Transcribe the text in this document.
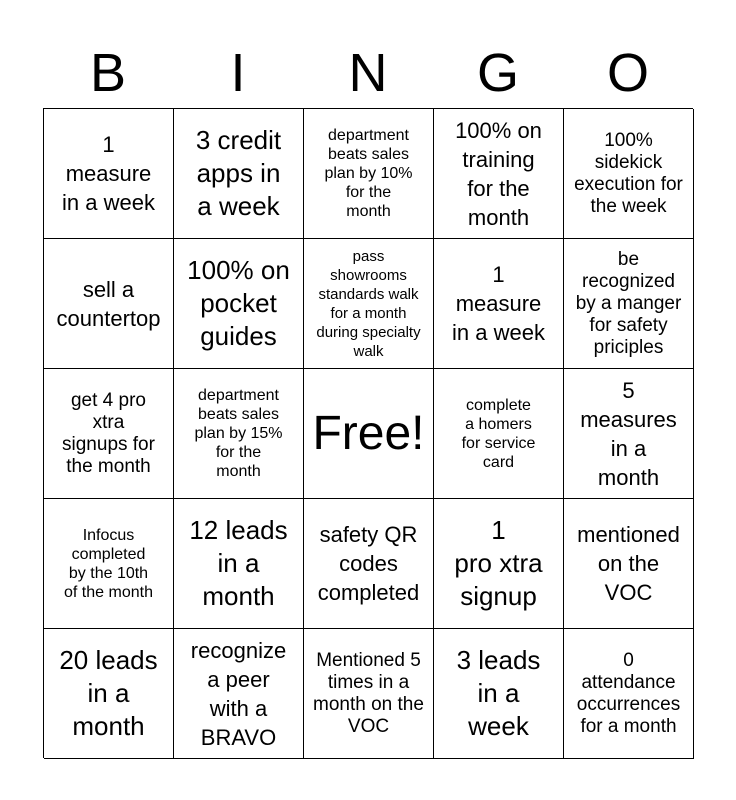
B	I	N	G	O
1
measure
in a week
3 credit
apps in
a week
department
beats sales
plan by 10%
for the
month
100% on
training
for the
month
100%
sidekick
execution for
the week
sell a
countertop
100% on
pocket
guides
pass
showrooms
standards walk
for a month
during specialty
walk
1
measure
in a week
be
recognized
by a manger
for safety
priciples
get 4 pro
xtra
signups for
the month
department
beats sales
plan by 15%
for the
month
Free!
complete
a homers
for service
card
5
measures
in a
month
Infocus
completed
by the 10th
of the month
12 leads
in a
month
safety QR
codes
completed
1
pro xtra
signup
mentioned
on the
VOC
20 leads
in a
month
recognize
a peer
with a
BRAVO
Mentioned 5
times in a
month on the
VOC
3 leads
in a
week
0
attendance
occurrences
for a month
